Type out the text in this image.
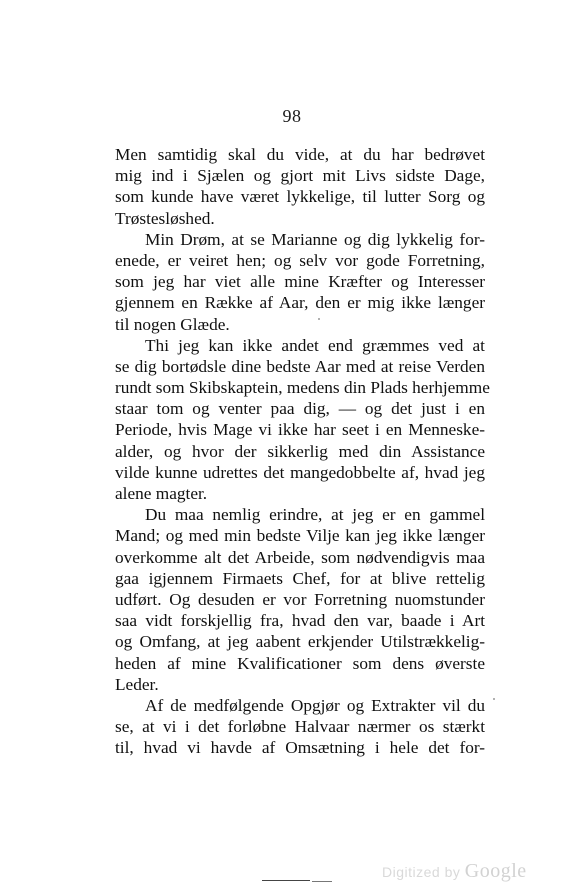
98
Men samtidig skal du vide, at du har bedrøvet
mig ind i Sjælen og gjort mit Livs sidste Dage,
som kunde have været lykkelige, til lutter Sorg og
Trøstesløshed.
Min Drøm, at se Marianne og dig lykkelig for-
enede, er veiret hen; og selv vor gode Forretning,
som jeg har viet alle mine Kræfter og Interesser
gjennem en Række af Aar, den er mig ikke længer
til nogen Glæde.
Thi jeg kan ikke andet end græmmes ved at
se dig bortødsle dine bedste Aar med at reise Verden
rundt som Skibskaptein, medens din Plads herhjemme
staar tom og venter paa dig, — og det just i en
Periode, hvis Mage vi ikke har seet i en Menneske-
alder, og hvor der sikkerlig med din Assistance
vilde kunne udrettes det mangedobbelte af, hvad jeg
alene magter.
Du maa nemlig erindre, at jeg er en gammel
Mand; og med min bedste Vilje kan jeg ikke længer
overkomme alt det Arbeide, som nødvendigvis maa
gaa igjennem Firmaets Chef, for at blive rettelig
udført. Og desuden er vor Forretning nuomstunder
saa vidt forskjellig fra, hvad den var, baade i Art
og Omfang, at jeg aabent erkjender Utilstrækkelig-
heden af mine Kvalificationer som dens øverste
Leder.
Af de medfølgende Opgjør og Extrakter vil du
se, at vi i det forløbne Halvaar nærmer os stærkt
til, hvad vi havde af Omsætning i hele det for-
Digitized by Google
